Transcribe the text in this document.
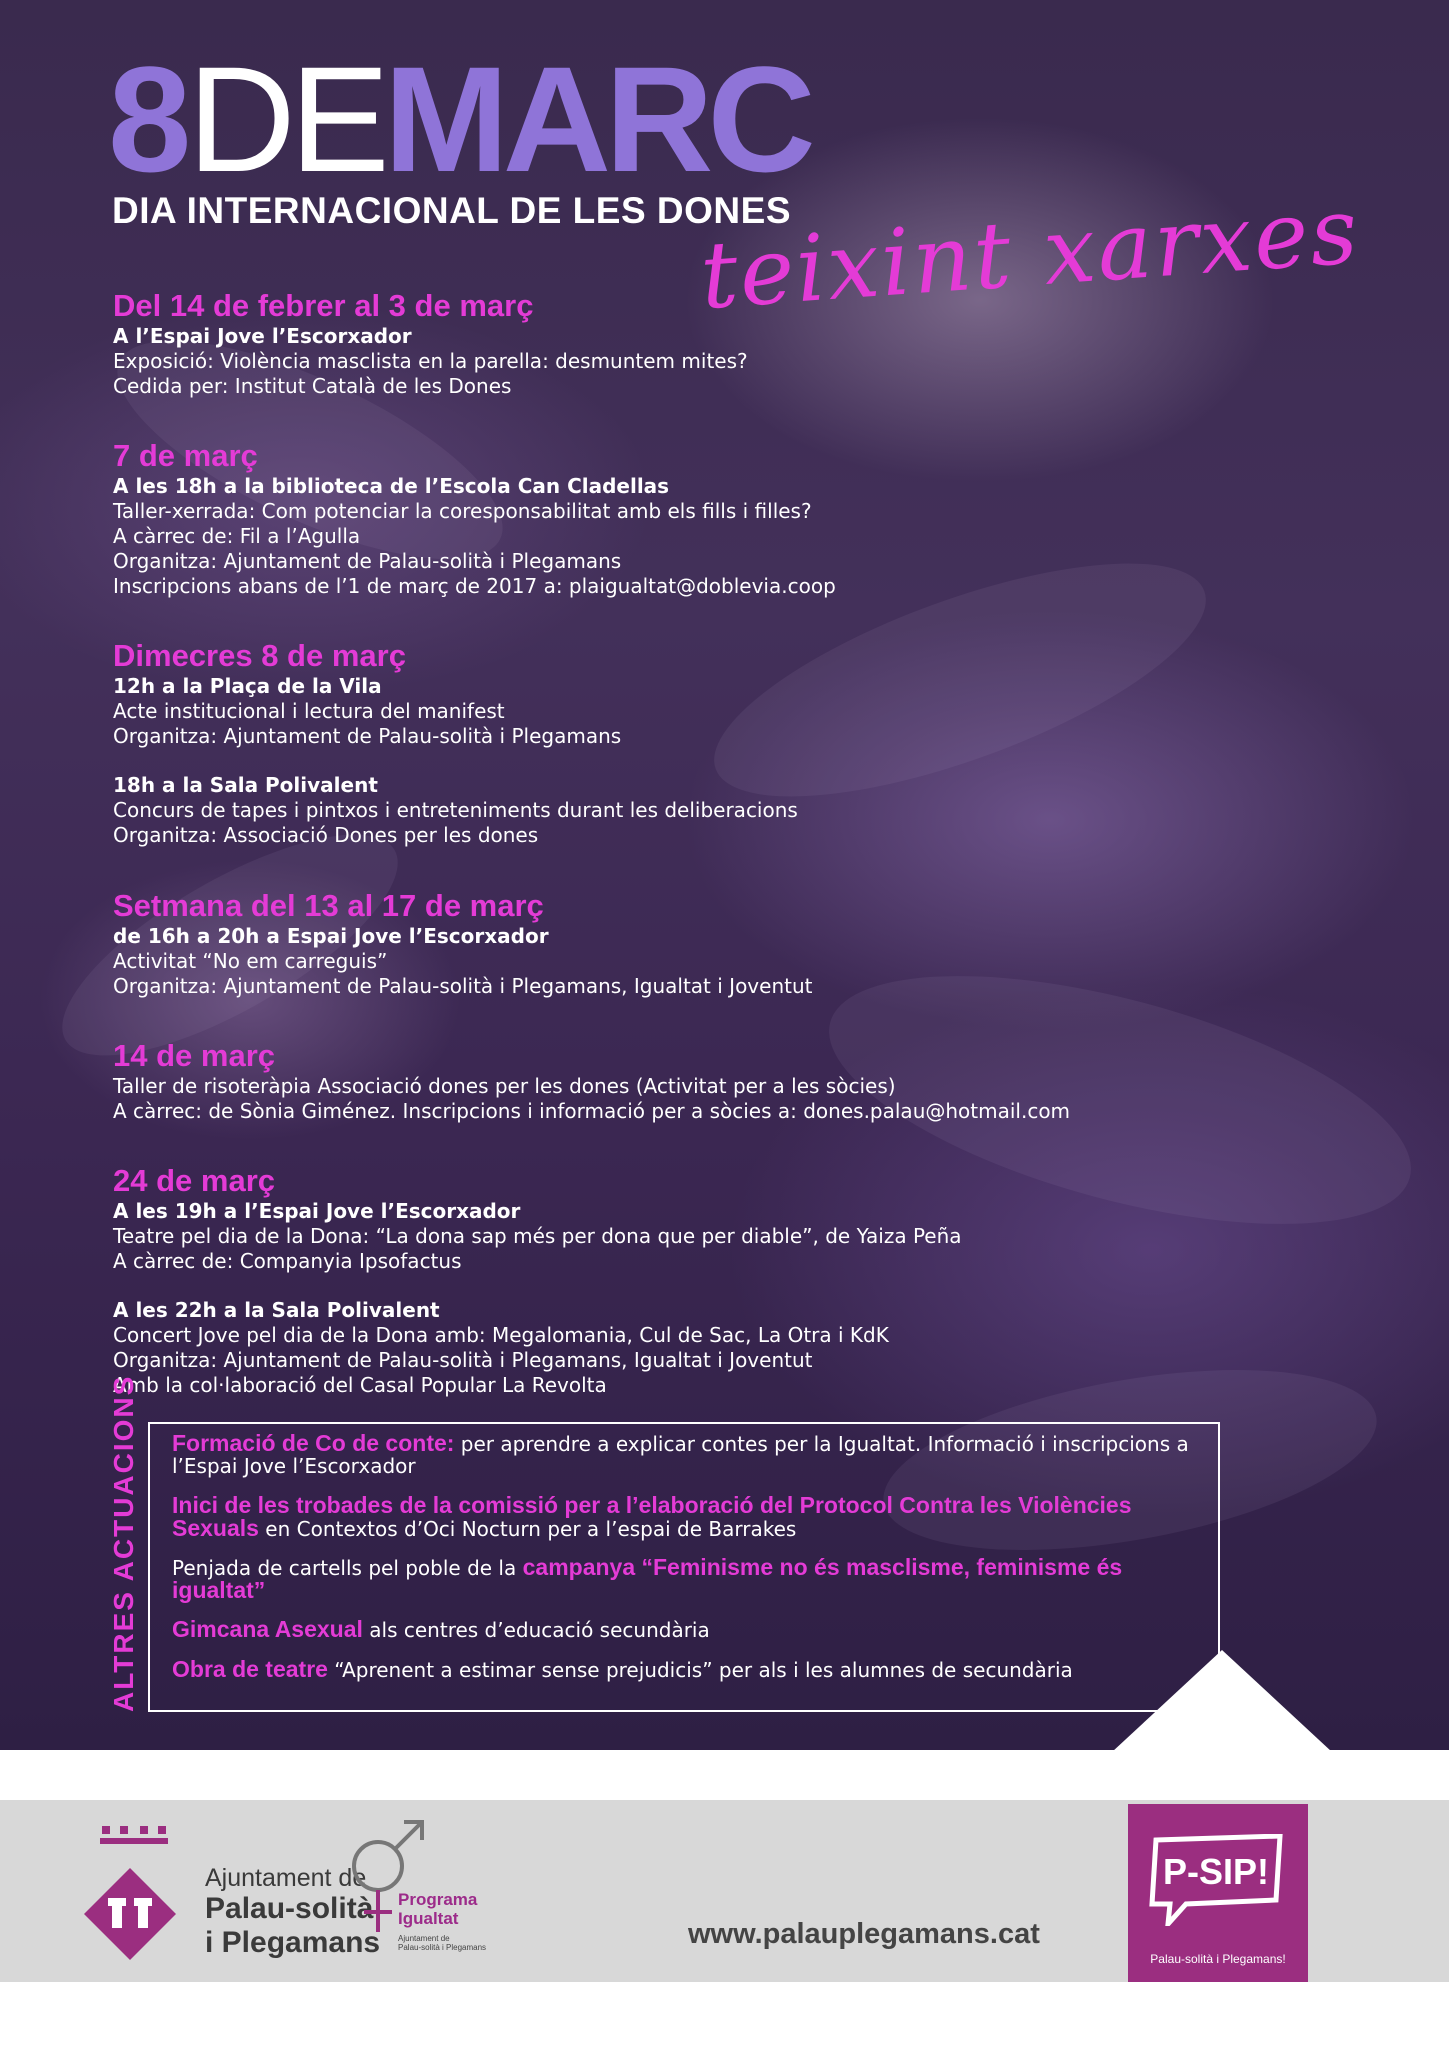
8DEMARC
DIA INTERNACIONAL DE LES DONES
teixint xarxes
Del 14 de febrer al 3 de març
A l’Espai Jove l’Escorxador
Exposició: Violència masclista en la parella: desmuntem mites?
Cedida per: Institut Català de les Dones
7 de març
A les 18h a la biblioteca de l’Escola Can Cladellas
Taller-xerrada: Com potenciar la coresponsabilitat amb els fills i filles?
A càrrec de: Fil a l’Agulla
Organitza: Ajuntament de Palau-solità i Plegamans
Inscripcions abans de l’1 de març de 2017 a: plaigualtat@doblevia.coop
Dimecres 8 de març
12h a la Plaça de la Vila
Acte institucional i lectura del manifest
Organitza: Ajuntament de Palau-solità i Plegamans
18h a la Sala Polivalent
Concurs de tapes i pintxos i entreteniments durant les deliberacions
Organitza: Associació Dones per les dones
Setmana del 13 al 17 de març
de 16h a 20h a Espai Jove l’Escorxador
Activitat “No em carreguis”
Organitza: Ajuntament de Palau-solità i Plegamans, Igualtat i Joventut
14 de març
Taller de risoteràpia Associació dones per les dones (Activitat per a les sòcies)
A càrrec: de Sònia Giménez. Inscripcions i informació per a sòcies a: dones.palau@hotmail.com
24 de març
A les 19h a l’Espai Jove l’Escorxador
Teatre pel dia de la Dona: “La dona sap més per dona que per diable”, de Yaiza Peña
A càrrec de: Companyia Ipsofactus
A les 22h a la Sala Polivalent
Concert Jove pel dia de la Dona amb: Megalomania, Cul de Sac, La Otra i KdK
Organitza: Ajuntament de Palau-solità i Plegamans, Igualtat i Joventut
Amb la col·laboració del Casal Popular La Revolta
ALTRES ACTUACIONS Formació de Co de conte: per aprendre a explicar contes per la Igualtat. Informació i inscripcions a l’Espai Jove l’Escorxador
Inici de les trobades de la comissió per a l’elaboració del Protocol Contra les Violències Sexuals en Contextos d’Oci Nocturn per a l’espai de Barrakes
Penjada de cartells pel poble de la campanya “Feminisme no és masclisme, feminisme és igualtat”
Gimcana Asexual als centres d’educació secundària
Obra de teatre “Aprenent a estimar sense prejudicis” per als i les alumnes de secundària
Ajuntament de
Palau-solità
i Plegamans
Programa
Igualtat
Ajuntament de
Palau-solità i Plegamans	www.palauplegamans.cat
P-SIP!
Palau-solità i Plegamans!
